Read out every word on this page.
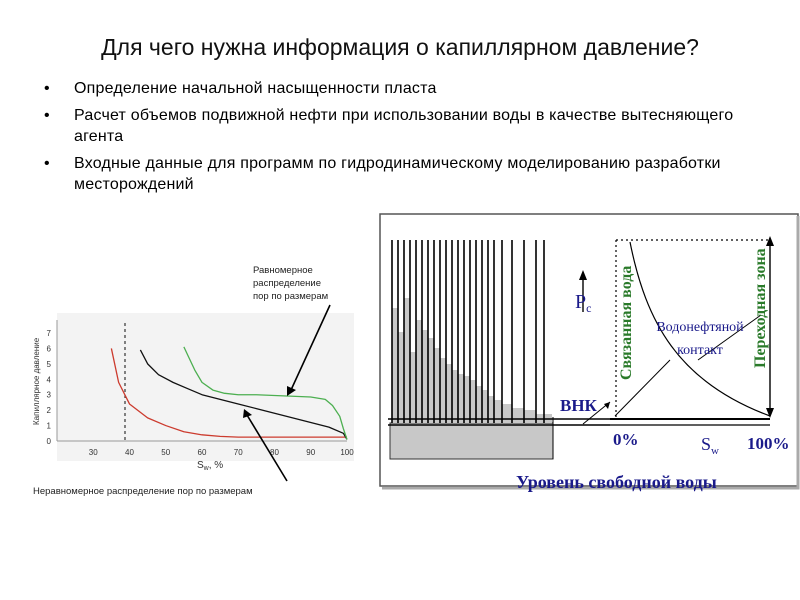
Для чего нужна информация о капиллярном давление?
• Определение начальной насыщенности пласта
• Расчет объемов подвижной нефти при использовании воды в качестве вытесняющего агента
• Входные данные для программ по гидродинамическому моделированию разработки месторождений
30	40	50	60	70	80	90	100
0
1
2
3
4
5
6
7
Капиллярное давление
$S_w$, %
Равномерное
распределение
пор по размерам
Неравномерное распределение пор по размерам
$P_c$ Связанная вода	Переходная зона
Водонефтяной
контакт
ВНК
0%	$S_w$ 100%
Уровень свободной воды
